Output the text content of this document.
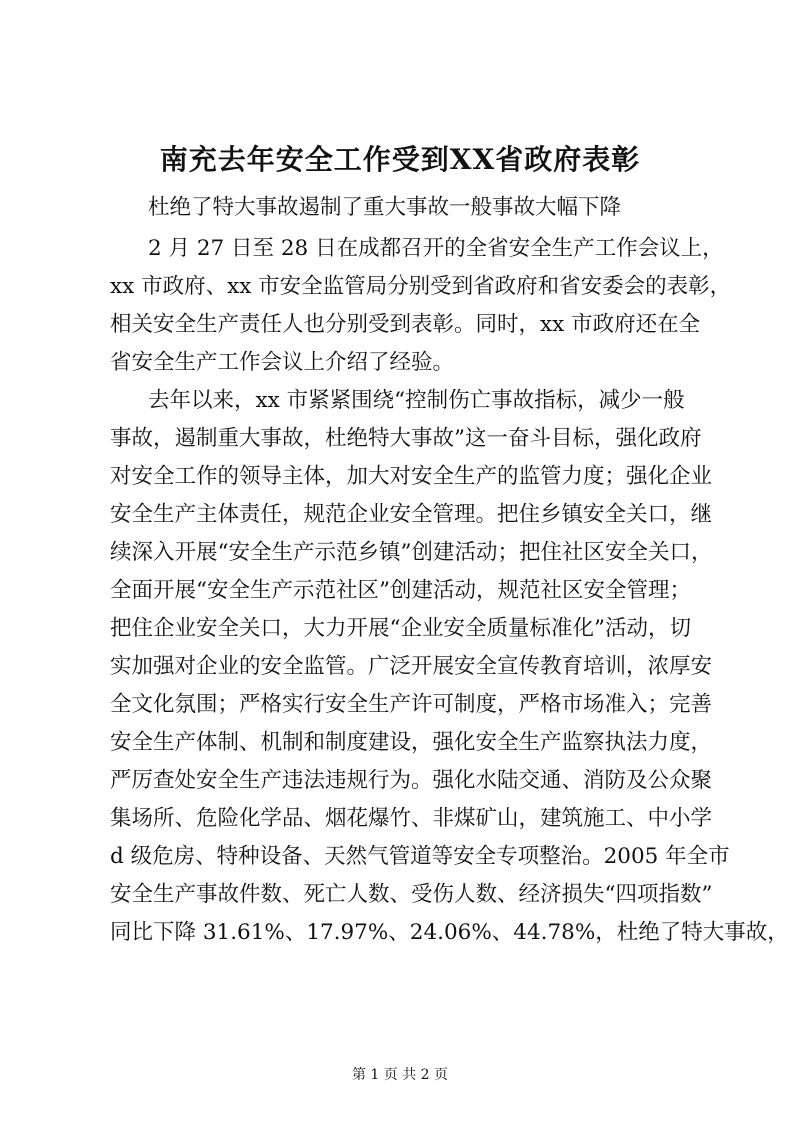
南充去年安全工作受到XX省政府表彰
杜绝了特大事故遏制了重大事故一般事故大幅下降
2 月 27 日至 28 日在成都召开的全省安全生产工作会议上，
xx 市政府、xx 市安全监管局分别受到省政府和省安委会的表彰，
相关安全生产责任人也分别受到表彰。同时，xx 市政府还在全
省安全生产工作会议上介绍了经验。
去年以来，xx 市紧紧围绕“控制伤亡事故指标，减少一般
事故，遏制重大事故，杜绝特大事故”这一奋斗目标，强化政府
对安全工作的领导主体，加大对安全生产的监管力度；强化企业
安全生产主体责任，规范企业安全管理。把住乡镇安全关口，继
续深入开展“安全生产示范乡镇”创建活动；把住社区安全关口，
全面开展“安全生产示范社区”创建活动，规范社区安全管理；
把住企业安全关口，大力开展“企业安全质量标准化”活动，切
实加强对企业的安全监管。广泛开展安全宣传教育培训，浓厚安
全文化氛围；严格实行安全生产许可制度，严格市场准入；完善
安全生产体制、机制和制度建设，强化安全生产监察执法力度，
严厉查处安全生产违法违规行为。强化水陆交通、消防及公众聚
集场所、危险化学品、烟花爆竹、非煤矿山，建筑施工、中小学
d 级危房、特种设备、天然气管道等安全专项整治。2005 年全市
安全生产事故件数、死亡人数、受伤人数、经济损失“四项指数”
同比下降 31.61%、17.97%、24.06%、44.78%，杜绝了特大事故，
第 1 页 共 2 页
